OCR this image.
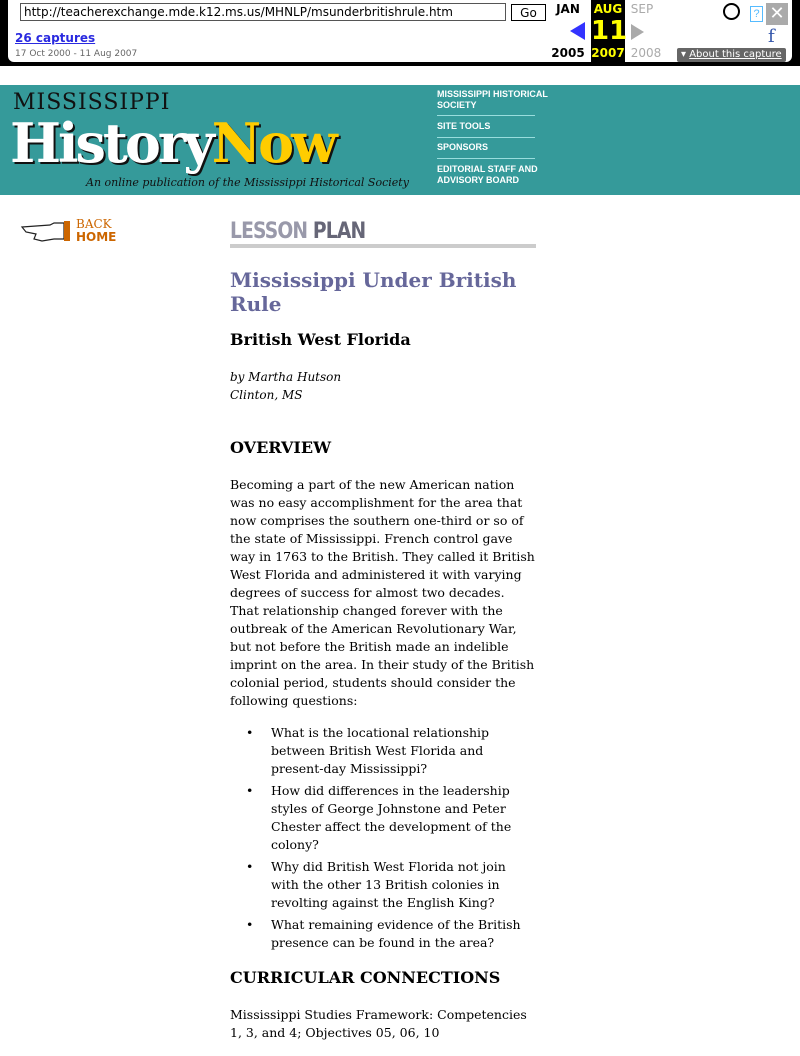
http://teacherexchange.mde.k12.ms.us/MHNLP/msunderbritishrule.htm
Go
26 captures
17 Oct 2000 - 11 Aug 2007
JAN	AUG SEP
11
2005 2007 2008
? ✕
f
▾ About this capture
Home : Mississippi Under British Rule
MISSISSIPPI
HistoryNow
An online publication of the Mississippi Historical Society
MISSISSIPPI HISTORICAL SOCIETY
SITE TOOLS
SPONSORS
EDITORIAL STAFF AND ADVISORY BOARD
BACK
HOME	LESSON PLAN
Mississippi Under British Rule
British West Florida
by Martha Hutson
Clinton, MS
OVERVIEW

Becoming a part of the new American nation was no easy accomplishment for the area that now comprises the southern one-third or so of the state of Mississippi. French control gave way in 1763 to the British. They called it British West Florida and administered it with varying degrees of success for almost two decades. That relationship changed forever with the outbreak of the American Revolutionary War, but not before the British made an indelible imprint on the area. In their study of the British colonial period, students should consider the following questions:

• What is the locational relationship between British West Florida and present-day Mississippi?
• How did differences in the leadership styles of George Johnstone and Peter Chester affect the development of the colony?
• Why did British West Florida not join with the other 13 British colonies in revolting against the English King?
• What remaining evidence of the British presence can be found in the area?
CURRICULAR CONNECTIONS

Mississippi Studies Framework: Competencies 1, 3, and 4; Objectives 05, 06, 10
